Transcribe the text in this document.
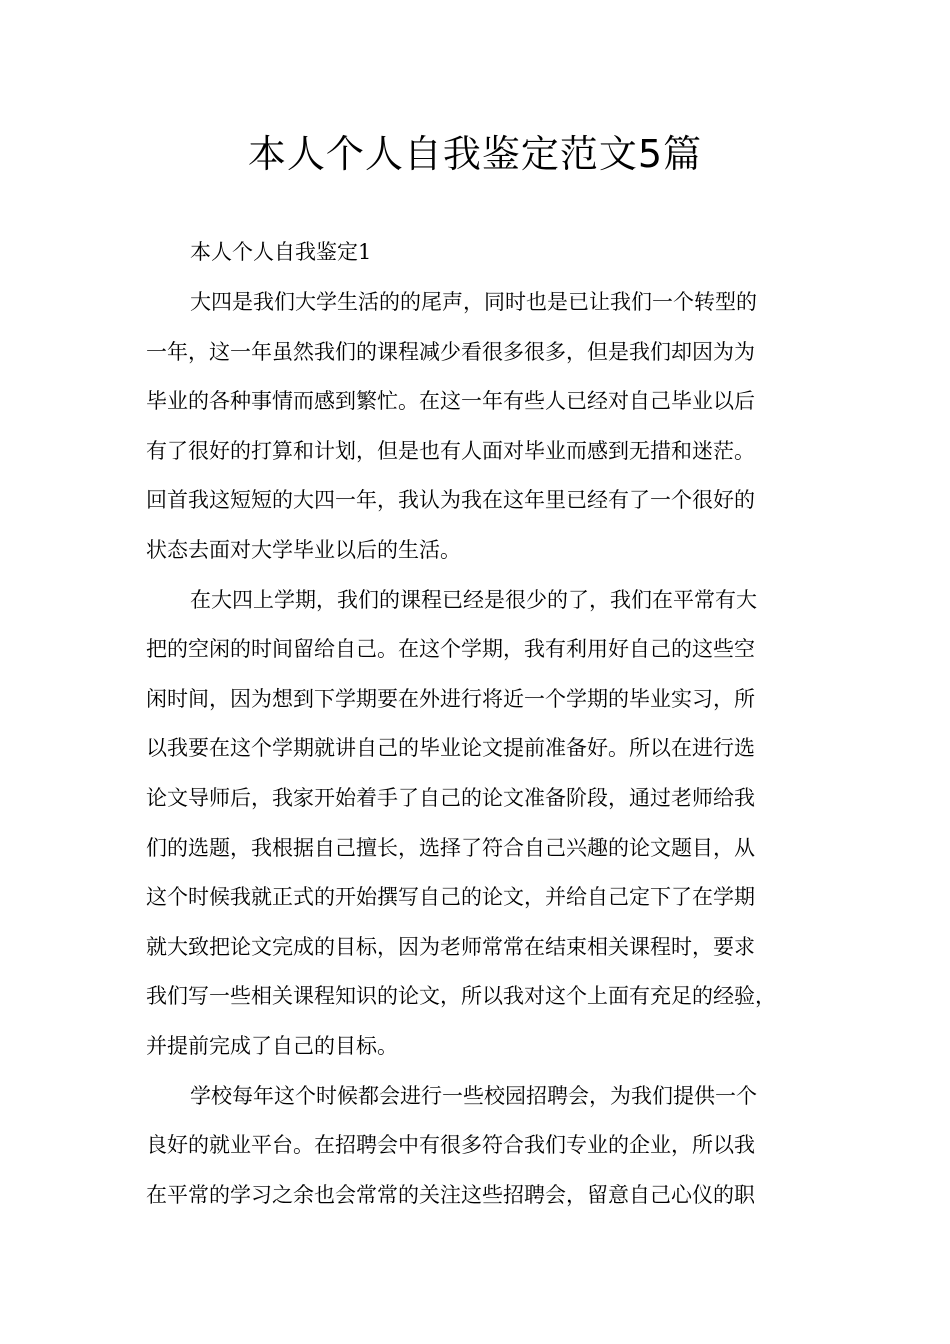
本人个人自我鉴定范文5篇

本人个人自我鉴定1

大四是我们大学生活的的尾声，同时也是已让我们一个转型的

一年，这一年虽然我们的课程减少看很多很多，但是我们却因为为

毕业的各种事情而感到繁忙。在这一年有些人已经对自己毕业以后

有了很好的打算和计划，但是也有人面对毕业而感到无措和迷茫。

回首我这短短的大四一年，我认为我在这年里已经有了一个很好的

状态去面对大学毕业以后的生活。

在大四上学期，我们的课程已经是很少的了，我们在平常有大

把的空闲的时间留给自己。在这个学期，我有利用好自己的这些空

闲时间，因为想到下学期要在外进行将近一个学期的毕业实习，所

以我要在这个学期就讲自己的毕业论文提前准备好。所以在进行选

论文导师后，我家开始着手了自己的论文准备阶段，通过老师给我

们的选题，我根据自己擅长，选择了符合自己兴趣的论文题目，从

这个时候我就正式的开始撰写自己的论文，并给自己定下了在学期

就大致把论文完成的目标，因为老师常常在结束相关课程时，要求

我们写一些相关课程知识的论文，所以我对这个上面有充足的经验，

并提前完成了自己的目标。

学校每年这个时候都会进行一些校园招聘会，为我们提供一个

良好的就业平台。在招聘会中有很多符合我们专业的企业，所以我

在平常的学习之余也会常常的关注这些招聘会，留意自己心仪的职
